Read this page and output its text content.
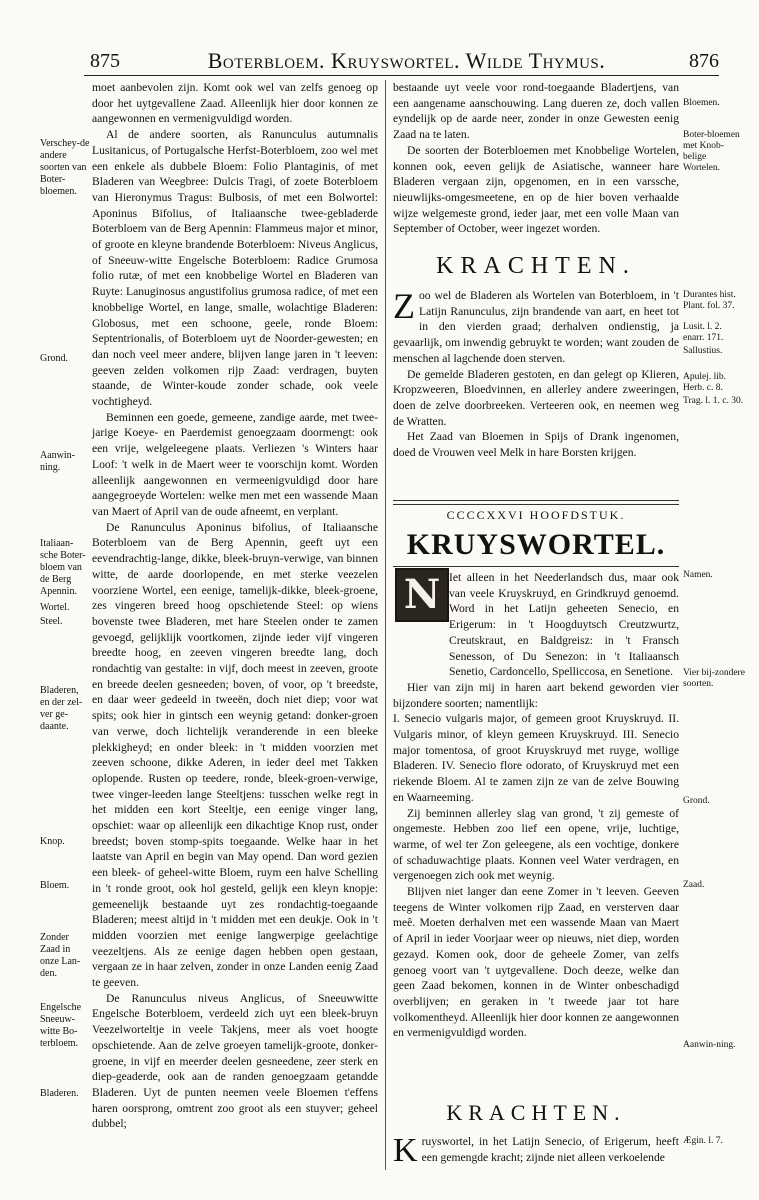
875	Boterbloem. Kruyswortel. Wilde Thymus.	876
Verschey-de andere soorten van Boter-bloemen.
Grond.
Aanwin-ning.
Italiaan-sche Boter-bloem van de Berg Apennin.
Wortel.
Steel.
Bladeren, en der zel-ver ge-daante.
Knop.
Bloem.
Zonder Zaad in onze Lan-den.
Engelsche Sneeuw-witte Bo-terbloem.
Bladeren.

moet aanbevolen zijn. Komt ook wel van zelfs genoeg op door het uytgevallene Zaad. Alleenlijk hier door konnen ze aangewonnen en vermenigvuldigd worden.

Al de andere soorten, als Ranunculus autumnalis Lusitanicus, of Portugalsche Herfst-Boterbloem, zoo wel met een enkele als dubbele Bloem: Folio Plantaginis, of met Bladeren van Weegbree: Dulcis Tragi, of zoete Boterbloem van Hieronymus Tragus: Bulbosis, of met een Bolwortel: Aponinus Bifolius, of Italiaansche twee-gebladerde Boterbloem van de Berg Apennin: Flammeus major et minor, of groote en kleyne brandende Boterbloem: Niveus Anglicus, of Sneeuw-witte Engelsche Boterbloem: Radice Grumosa folio rutæ, of met een knobbelige Wortel en Bladeren van Ruyte: Lanuginosus angustifolius grumosa radice, of met een knobbelige Wortel, en lange, smalle, wolachtige Bladeren: Globosus, met een schoone, geele, ronde Bloem: Septentrionalis, of Boterbloem uyt de Noorder-gewesten; en dan noch veel meer andere, blijven lange jaren in 't leeven: geeven zelden volkomen rijp Zaad: verdragen, buyten staande, de Winter-koude zonder schade, ook veele vochtigheyd.

Beminnen een goede, gemeene, zandige aarde, met twee-jarige Koeye- en Paerdemist genoegzaam doormengt: ook een vrije, welgeleegene plaats. Verliezen 's Winters haar Loof: 't welk in de Maert weer te voorschijn komt. Worden alleenlijk aangewonnen en vermeenigvuldigd door hare aangegroeyde Wortelen: welke men met een wassende Maan van Maert of April van de oude afneemt, en verplant.

De Ranunculus Aponinus bifolius, of Italiaansche Boterbloem van de Berg Apennin, geeft uyt een eevendrachtig-lange, dikke, bleek-bruyn-verwige, van binnen witte, de aarde doorlopende, en met sterke veezelen voorziene Wortel, een eenige, tamelijk-dikke, bleek-groene, zes vingeren breed hoog opschietende Steel: op wiens bovenste twee Bladeren, met hare Steelen onder te zamen gevoegd, gelijklijk voortkomen, zijnde ieder vijf vingeren breedte hoog, en zeeven vingeren breedte lang, doch rondachtig van gestalte: in vijf, doch meest in zeeven, groote en breede deelen gesneeden; boven, of voor, op 't breedste, en daar weer gedeeld in tweeën, doch niet diep; voor wat spits; ook hier in gintsch een weynig getand: donker-groen van verwe, doch lichtelijk veranderende in een bleeke plekkigheyd; en onder bleek: in 't midden voorzien met zeeven schoone, dikke Aderen, in ieder deel met Takken oplopende. Rusten op teedere, ronde, bleek-groen-verwige, twee vinger-leeden lange Steeltjens: tusschen welke regt in het midden een kort Steeltje, een eenige vinger lang, opschiet: waar op alleenlijk een dikachtige Knop rust, onder breedst; boven stomp-spits toegaande. Welke haar in het laatste van April en begin van May opend. Dan word gezien een bleek- of geheel-witte Bloem, ruym een halve Schelling in 't ronde groot, ook hol gesteld, gelijk een kleyn knopje: gemeenelijk bestaande uyt zes rondachtig-toegaande Bladeren; meest altijd in 't midden met een deukje. Ook in 't midden voorzien met eenige langwerpige geelachtige veezeltjens. Als ze eenige dagen hebben open gestaan, vergaan ze in haar zelven, zonder in onze Landen eenig Zaad te geeven.

De Ranunculus niveus Anglicus, of Sneeuwwitte Engelsche Boterbloem, verdeeld zich uyt een bleek-bruyn Veezelworteltje in veele Takjens, meer als voet hoogte opschietende. Aan de zelve groeyen tamelijk-groote, donker-groene, in vijf en meerder deelen gesneedene, zeer sterk en diep-geaderde, ook aan de randen genoegzaam getandde Bladeren. Uyt de punten neemen veele Bloemen t'effens haren oorsprong, omtrent zoo groot als een stuyver; geheel dubbel;

Bloemen.
Boter-bloemen met Knob-belige Wortelen.
Durantes hist. Plant. fol. 37.
Lusit. l. 2. enarr. 171.
Sallustius.
Apulej. lib. Herb. c. 8.
Trag. l. 1. c. 30.
Namen.
Vier bij-zondere soorten.
Grond.
Zaad.
Aanwin-ning.
Ægin. l. 7.

bestaande uyt veele voor rond-toegaande Bladertjens, van een aangename aanschouwing. Lang dueren ze, doch vallen eyndelijk op de aarde neer, zonder in onze Gewesten eenig Zaad na te laten.

De soorten der Boterbloemen met Knobbelige Wortelen, konnen ook, eeven gelijk de Asiatische, wanneer hare Bladeren vergaan zijn, opgenomen, en in een varssche, nieuwlijks-omgesmeetene, en op de hier boven verhaalde wijze welgemeste grond, ieder jaar, met een volle Maan van September of October, weer ingezet worden.

KRACHTEN.

Zoo wel de Bladeren als Wortelen van Boterbloem, in 't Latijn Ranunculus, zijn brandende van aart, en heet tot in den vierden graad; derhalven ondienstig, ja gevaarlijk, om inwendig gebruykt te worden; want zouden de menschen al lagchende doen sterven.

De gemelde Bladeren gestoten, en dan gelegt op Klieren, Kropzweeren, Bloedvinnen, en allerley andere zweeringen, doen de zelve doorbreeken. Verteeren ook, en neemen weg de Wratten.

Het Zaad van Bloemen in Spijs of Drank ingenomen, doed de Vrouwen veel Melk in hare Borsten krijgen.

CCCCXXVI HOOFDSTUK.
KRUYSWORTEL.
N Iet alleen in het Neederlandsch dus, maar ook van veele Kruyskruyd, en Grindkruyd genoemd. Word in het Latijn geheeten Senecio, en Erigerum: in 't Hoogduytsch Creutzwurtz, Creutskraut, en Baldgreisz: in 't Fransch Senesson, of Du Senezon: in 't Italiaansch Senetio, Cardoncello, Spelliccosa, en Senetione.

Hier van zijn mij in haren aart bekend geworden vier bijzondere soorten; namentlijk:

I. Senecio vulgaris major, of gemeen groot Kruyskruyd. II. Vulgaris minor, of kleyn gemeen Kruyskruyd. III. Senecio major tomentosa, of groot Kruyskruyd met ruyge, wollige Bladeren. IV. Senecio flore odorato, of Kruyskruyd met een riekende Bloem. Al te zamen zijn ze van de zelve Bouwing en Waarneeming.

Zij beminnen allerley slag van grond, 't zij gemeste of ongemeste. Hebben zoo lief een opene, vrije, luchtige, warme, of wel ter Zon geleegene, als een vochtige, donkere of schaduwachtige plaats. Konnen veel Water verdragen, en vergenoegen zich ook met weynig.

Blijven niet langer dan eene Zomer in 't leeven. Geeven teegens de Winter volkomen rijp Zaad, en versterven daar meê. Moeten derhalven met een wassende Maan van Maert of April in ieder Voorjaar weer op nieuws, niet diep, worden gezayd. Komen ook, door de geheele Zomer, van zelfs genoeg voort van 't uytgevallene. Doch deeze, welke dan geen Zaad bekomen, konnen in de Winter onbeschadigd overblijven; en geraken in 't tweede jaar tot hare volkomentheyd. Alleenlijk hier door konnen ze aangewonnen en vermenigvuldigd worden.

KRACHTEN.

Kruyswortel, in het Latijn Senecio, of Erigerum, heeft een gemengde kracht; zijnde niet alleen verkoelende
